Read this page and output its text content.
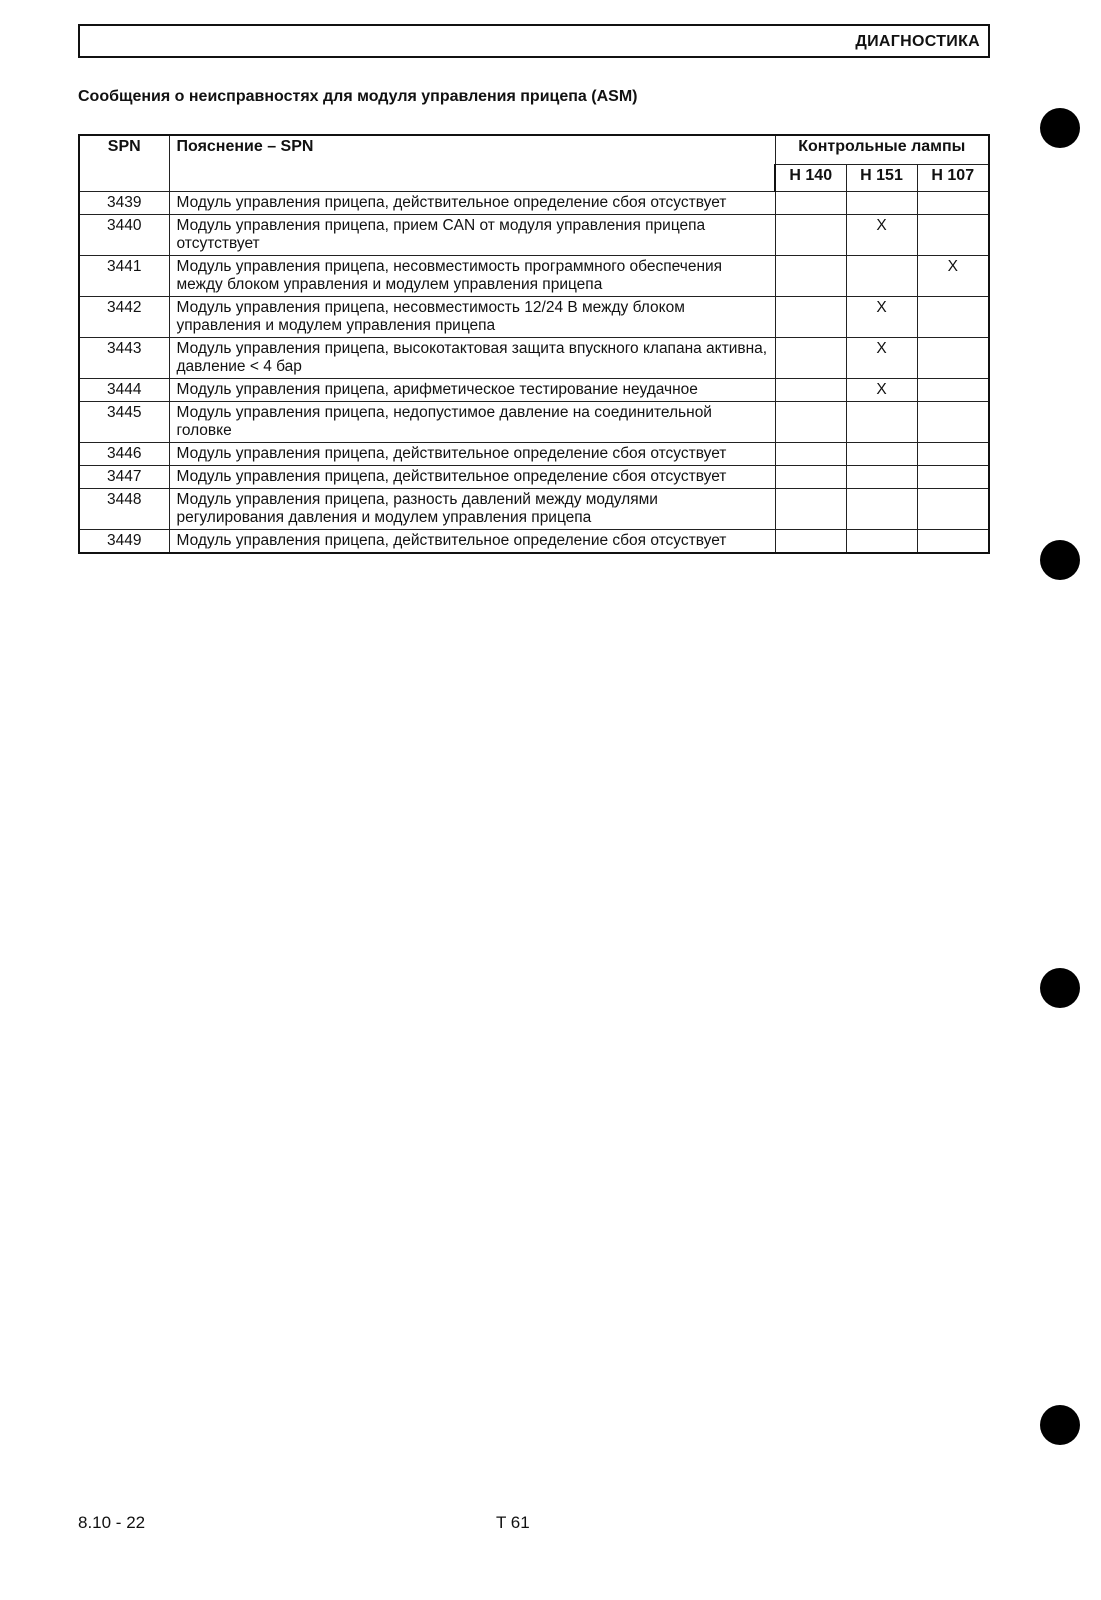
ДИАГНОСТИКА
Сообщения о неисправностях для модуля управления прицепа (ASM)
SPN	Пояснение – SPN	Контрольные лампы		
		H 140	H 151	H 107
3439	Модуль управления прицепа, действительное определение сбоя отсуствует			
3440	Модуль управления прицепа, прием CAN от модуля управления прицепа отсутствует		X	
3441	Модуль управления прицепа, несовместимость программного обеспечения между блоком управления и модулем управления прицепа			X
3442	Модуль управления прицепа, несовместимость 12/24 В между блоком управления и модулем управления прицепа		X	
3443	Модуль управления прицепа, высокотактовая защита впускного клапана активна, давление < 4 бар		X	
3444	Модуль управления прицепа, арифметическое тестирование неудачное		X	
3445	Модуль управления прицепа, недопустимое давление на соединительной головке			
3446	Модуль управления прицепа, действительное определение сбоя отсуствует			
3447	Модуль управления прицепа, действительное определение сбоя отсуствует			
3448	Модуль управления прицепа, разность давлений между модулями регулирования давления и модулем управления прицепа			
3449	Модуль управления прицепа, действительное определение сбоя отсуствует			
8.10 - 22	T 61
